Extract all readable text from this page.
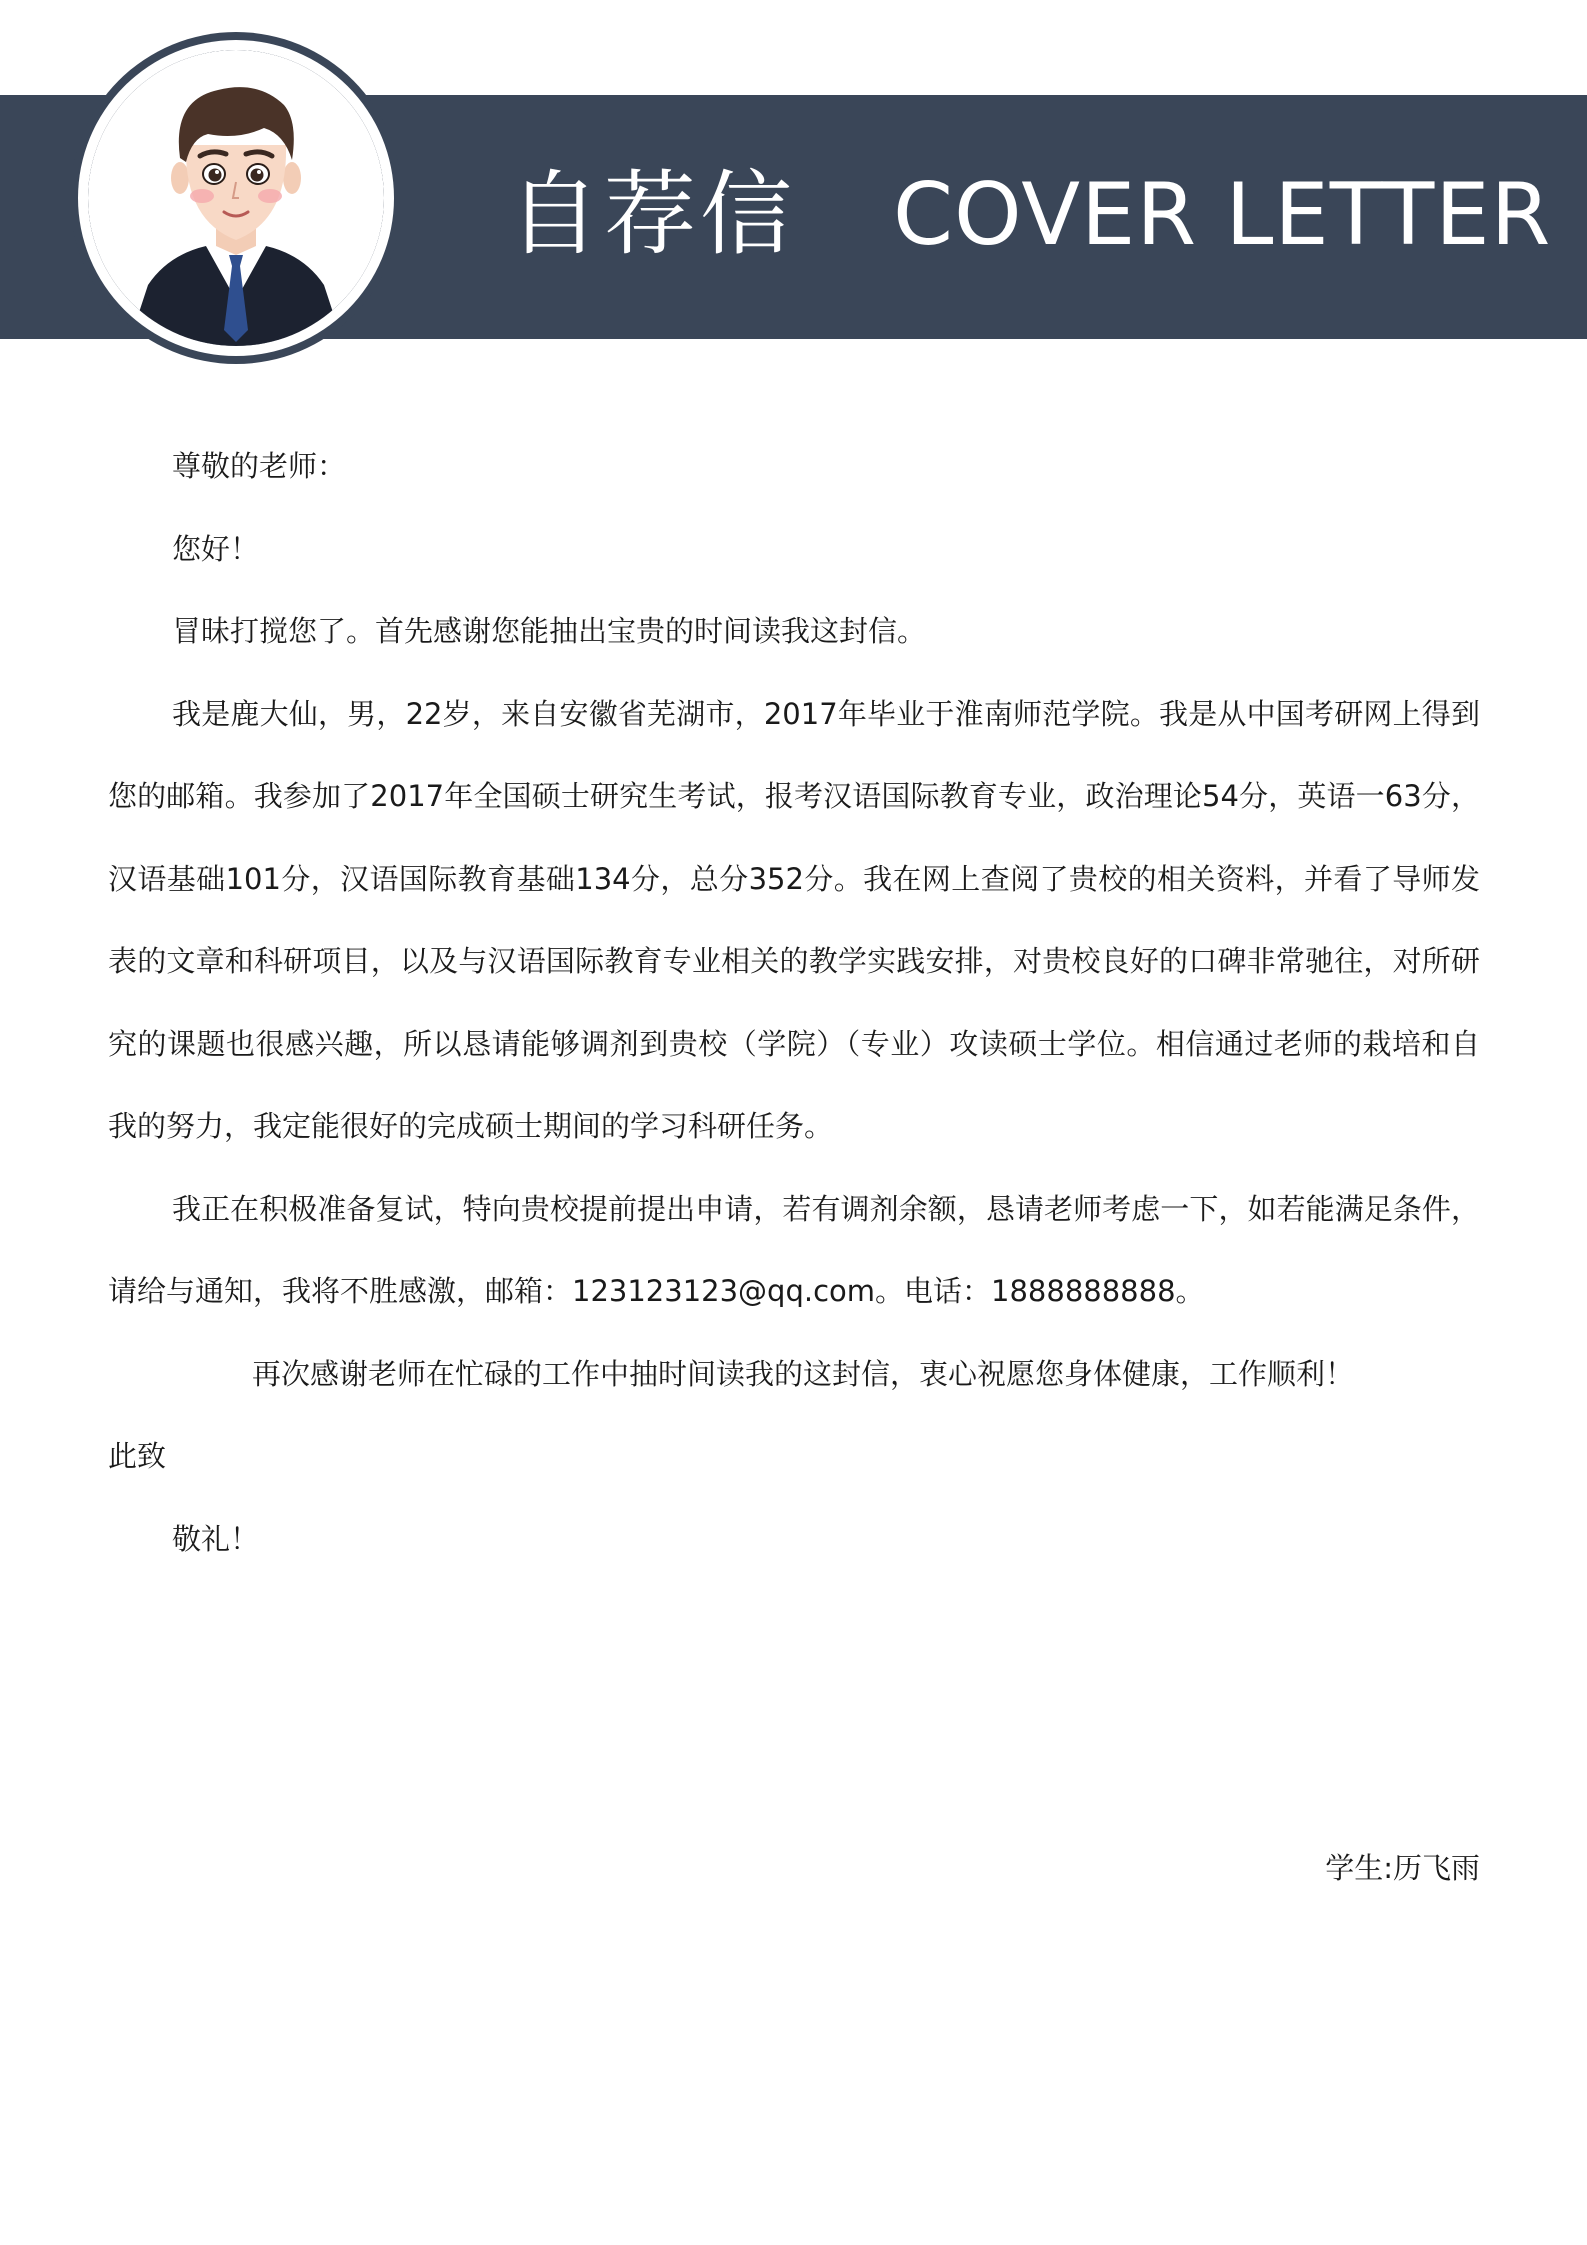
自荐信 COVER LETTER

尊敬的老师：

您好！

冒昧打搅您了。首先感谢您能抽出宝贵的时间读我这封信。

我是鹿大仙，男，22岁，来自安徽省芜湖市，2017年毕业于淮南师范学院。我是从中国考研网上得到您的邮箱。我参加了2017年全国硕士研究生考试，报考汉语国际教育专业，政治理论54分，英语一63分，汉语基础101分，汉语国际教育基础134分，总分352分。我在网上查阅了贵校的相关资料，并看了导师发表的文章和科研项目，以及与汉语国际教育专业相关的教学实践安排，对贵校良好的口碑非常驰往，对所研究的课题也很感兴趣，所以恳请能够调剂到贵校（学院）（专业）攻读硕士学位。相信通过老师的栽培和自我的努力，我定能很好的完成硕士期间的学习科研任务。

我正在积极准备复试，特向贵校提前提出申请，若有调剂余额，恳请老师考虑一下，如若能满足条件，请给与通知，我将不胜感激，邮箱：123123123@qq.com。电话：1888888888。

再次感谢老师在忙碌的工作中抽时间读我的这封信，衷心祝愿您身体健康，工作顺利！

此致

敬礼！

学生:历飞雨
